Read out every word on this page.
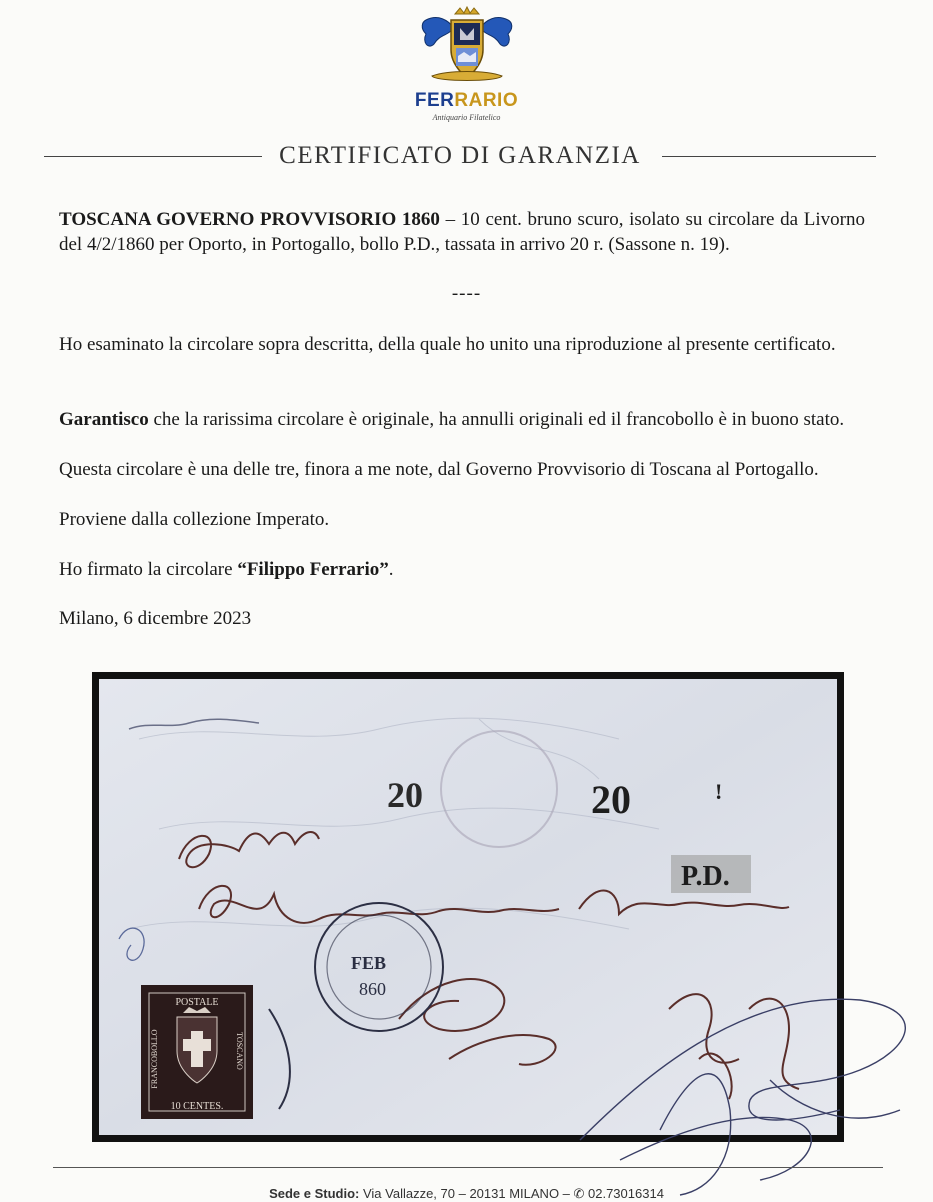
FERRARIO
Antiquario Filatelico
CERTIFICATO DI GARANZIA

TOSCANA GOVERNO PROVVISORIO 1860 – 10 cent. bruno scuro, isolato su circolare da Livorno del 4/2/1860 per Oporto, in Portogallo, bollo P.D., tassata in arrivo 20 r. (Sassone n. 19).

----

Ho esaminato la circolare sopra descritta, della quale ho unito una riproduzione al presente certificato.

Garantisco che la rarissima circolare è originale, ha annulli originali ed il francobollo è in buono stato.

Questa circolare è una delle tre, finora a me note, dal Governo Provvisorio di Toscana al Portogallo.

Proviene dalla collezione Imperato.

Ho firmato la circolare “Filippo Ferrario”.

Milano, 6 dicembre 2023

20	20	!
P.D.
FEB
860
POSTALE
10 CENTES.
FRANCOBOLLO	TOSCANO
Sede e Studio: Via Vallazze, 70 – 20131 MILANO – ✆ 02.73016314
